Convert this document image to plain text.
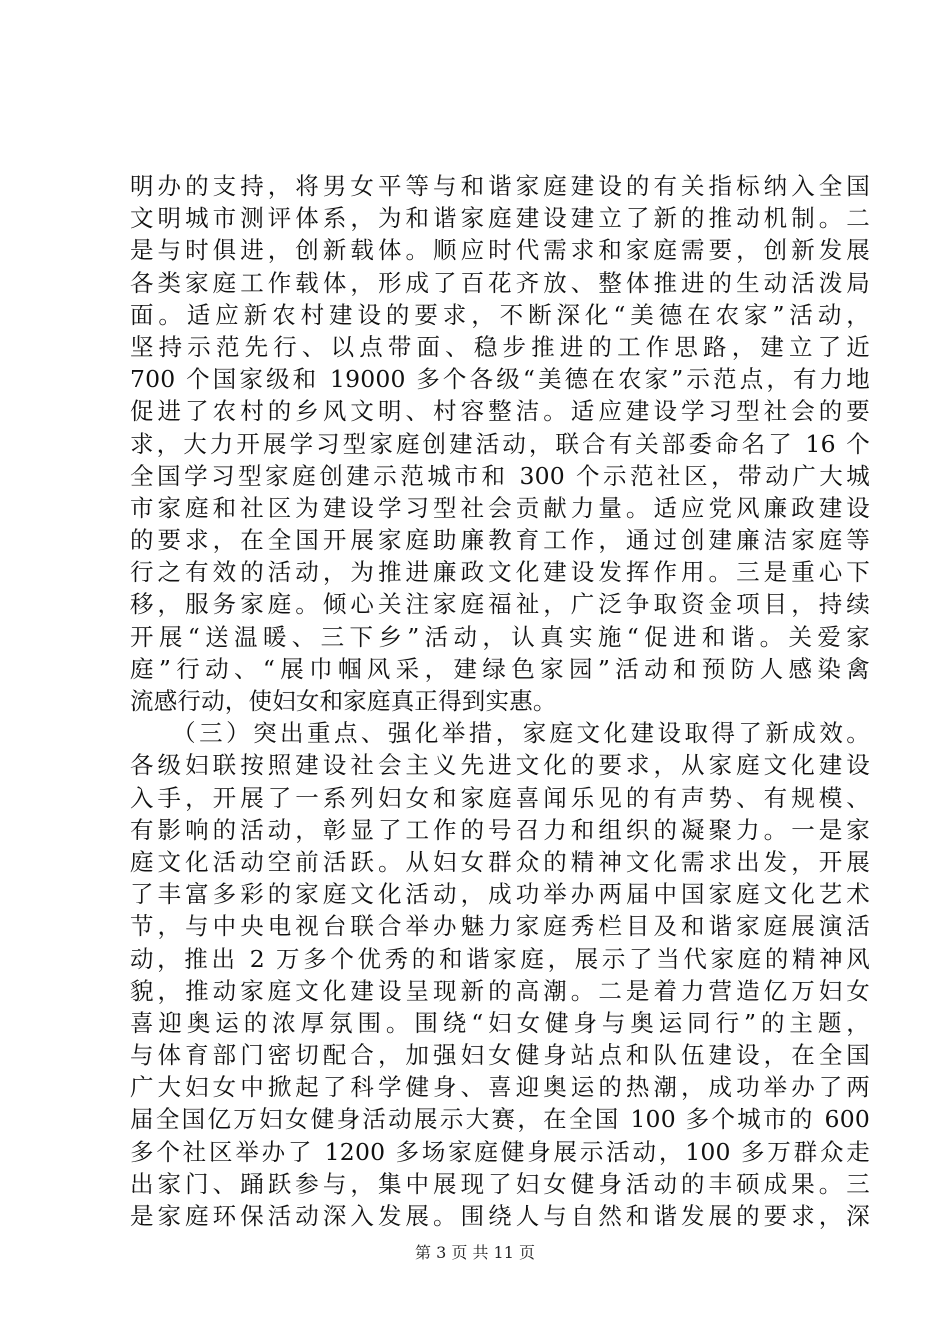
明办的支持，将男女平等与和谐家庭建设的有关指标纳入全国
文明城市测评体系，为和谐家庭建设建立了新的推动机制。二
是与时俱进，创新载体。顺应时代需求和家庭需要，创新发展
各类家庭工作载体，形成了百花齐放、整体推进的生动活泼局
面。适应新农村建设的要求，不断深化“美德在农家”活动，
坚持示范先行、以点带面、稳步推进的工作思路，建立了近
700 个国家级和 19000 多个各级“美德在农家”示范点，有力地
促进了农村的乡风文明、村容整洁。适应建设学习型社会的要
求，大力开展学习型家庭创建活动，联合有关部委命名了 16 个
全国学习型家庭创建示范城市和 300 个示范社区，带动广大城
市家庭和社区为建设学习型社会贡献力量。适应党风廉政建设
的要求，在全国开展家庭助廉教育工作，通过创建廉洁家庭等
行之有效的活动，为推进廉政文化建设发挥作用。三是重心下
移，服务家庭。倾心关注家庭福祉，广泛争取资金项目，持续
开展“送温暖、三下乡”活动，认真实施“促进和谐。关爱家
庭”行动、“展巾帼风采，建绿色家园”活动和预防人感染禽
流感行动，使妇女和家庭真正得到实惠。
　　（三）突出重点、强化举措，家庭文化建设取得了新成效。
各级妇联按照建设社会主义先进文化的要求，从家庭文化建设
入手，开展了一系列妇女和家庭喜闻乐见的有声势、有规模、
有影响的活动，彰显了工作的号召力和组织的凝聚力。一是家
庭文化活动空前活跃。从妇女群众的精神文化需求出发，开展
了丰富多彩的家庭文化活动，成功举办两届中国家庭文化艺术
节，与中央电视台联合举办魅力家庭秀栏目及和谐家庭展演活
动，推出 2 万多个优秀的和谐家庭，展示了当代家庭的精神风
貌，推动家庭文化建设呈现新的高潮。二是着力营造亿万妇女
喜迎奥运的浓厚氛围。围绕“妇女健身与奥运同行”的主题，
与体育部门密切配合，加强妇女健身站点和队伍建设，在全国
广大妇女中掀起了科学健身、喜迎奥运的热潮，成功举办了两
届全国亿万妇女健身活动展示大赛，在全国 100 多个城市的 600
多个社区举办了 1200 多场家庭健身展示活动，100 多万群众走
出家门、踊跃参与，集中展现了妇女健身活动的丰硕成果。三
是家庭环保活动深入发展。围绕人与自然和谐发展的要求，深
第 3 页 共 11 页
